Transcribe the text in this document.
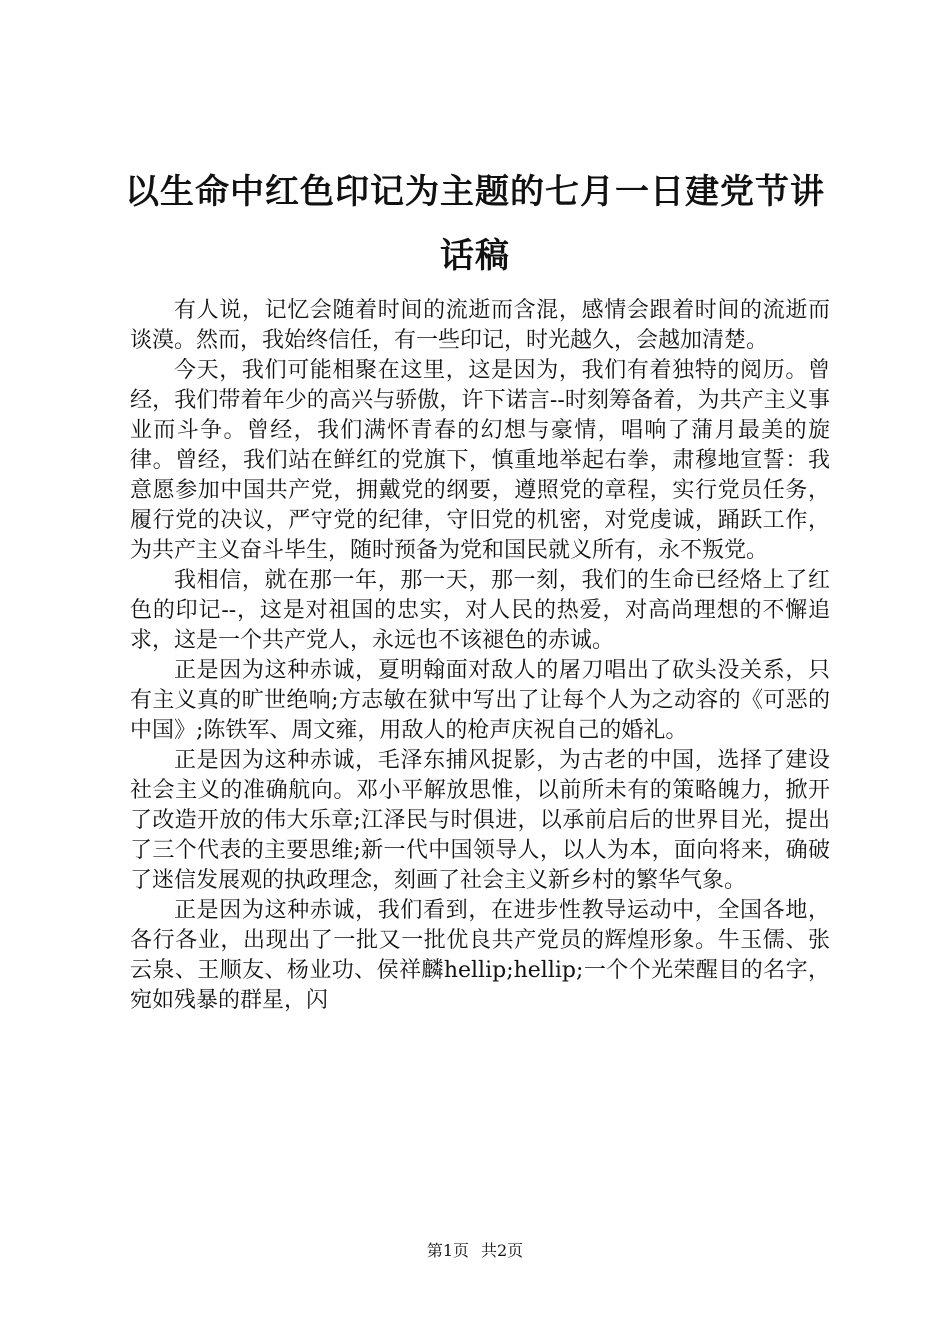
以生命中红色印记为主题的七月一日建党节讲话稿

有人说，记忆会随着时间的流逝而含混，感情会跟着时间的流逝而谈漠。然而，我始终信任，有一些印记，时光越久，会越加清楚。

今天，我们可能相聚在这里，这是因为，我们有着独特的阅历。曾经，我们带着年少的高兴与骄傲，许下诺言--时刻筹备着，为共产主义事业而斗争。曾经，我们满怀青春的幻想与豪情，唱响了蒲月最美的旋律。曾经，我们站在鲜红的党旗下，慎重地举起右拳，肃穆地宣誓：我意愿参加中国共产党，拥戴党的纲要，遵照党的章程，实行党员任务，履行党的决议，严守党的纪律，守旧党的机密，对党虔诚，踊跃工作，为共产主义奋斗毕生，随时预备为党和国民就义所有，永不叛党。

我相信，就在那一年，那一天，那一刻，我们的生命已经烙上了红色的印记--，这是对祖国的忠实，对人民的热爱，对高尚理想的不懈追求，这是一个共产党人，永远也不该褪色的赤诚。

正是因为这种赤诚，夏明翰面对敌人的屠刀唱出了砍头没关系，只有主义真的旷世绝响;方志敏在狱中写出了让每个人为之动容的《可恶的中国》;陈铁军、周文雍，用敌人的枪声庆祝自己的婚礼。

正是因为这种赤诚，毛泽东捕风捉影，为古老的中国，选择了建设社会主义的准确航向。邓小平解放思惟，以前所未有的策略魄力，掀开了改造开放的伟大乐章;江泽民与时俱进，以承前启后的世界目光，提出了三个代表的主要思维;新一代中国领导人，以人为本，面向将来，确破了迷信发展观的执政理念，刻画了社会主义新乡村的繁华气象。

正是因为这种赤诚，我们看到，在进步性教导运动中，全国各地，各行各业，出现出了一批又一批优良共产党员的辉煌形象。牛玉儒、张云泉、王顺友、杨业功、侯祥麟hellip;hellip;一个个光荣醒目的名字，宛如残暴的群星，闪

第1页 共2页
